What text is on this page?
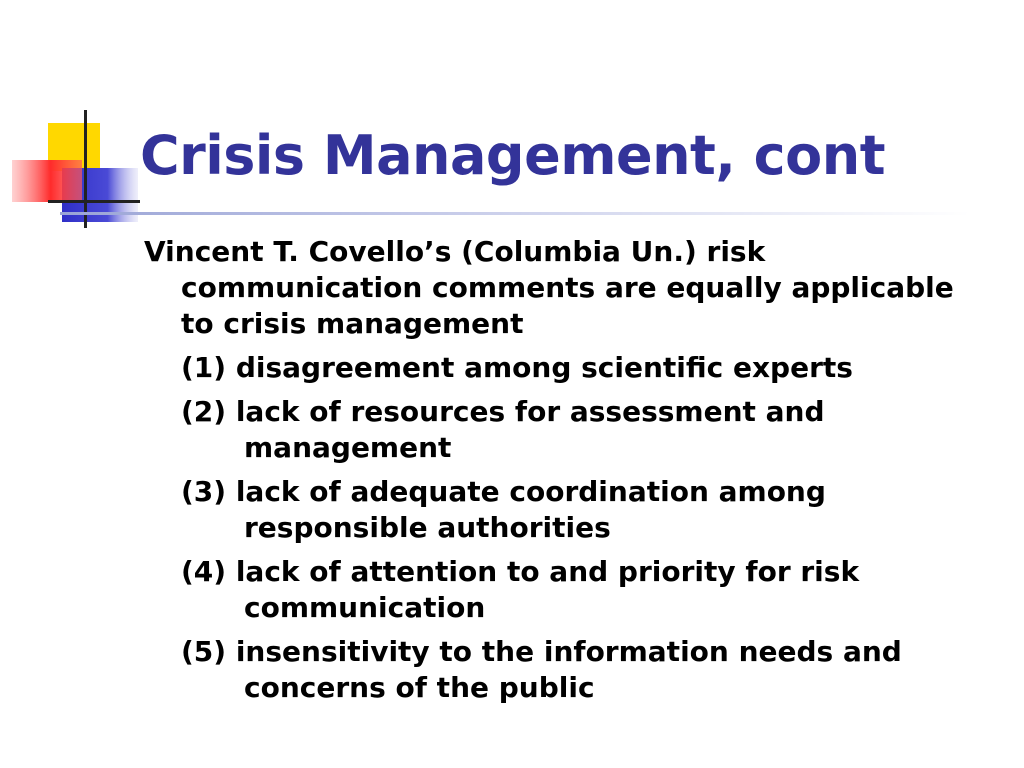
Crisis Management, cont

Vincent T. Covello’s (Columbia Un.) risk communication comments are equally applicable to crisis management

(1) disagreement among scientific experts

(2) lack of resources for assessment and management

(3) lack of adequate coordination among responsible authorities

(4) lack of attention to and priority for risk communication

(5) insensitivity to the information needs and concerns of the public
